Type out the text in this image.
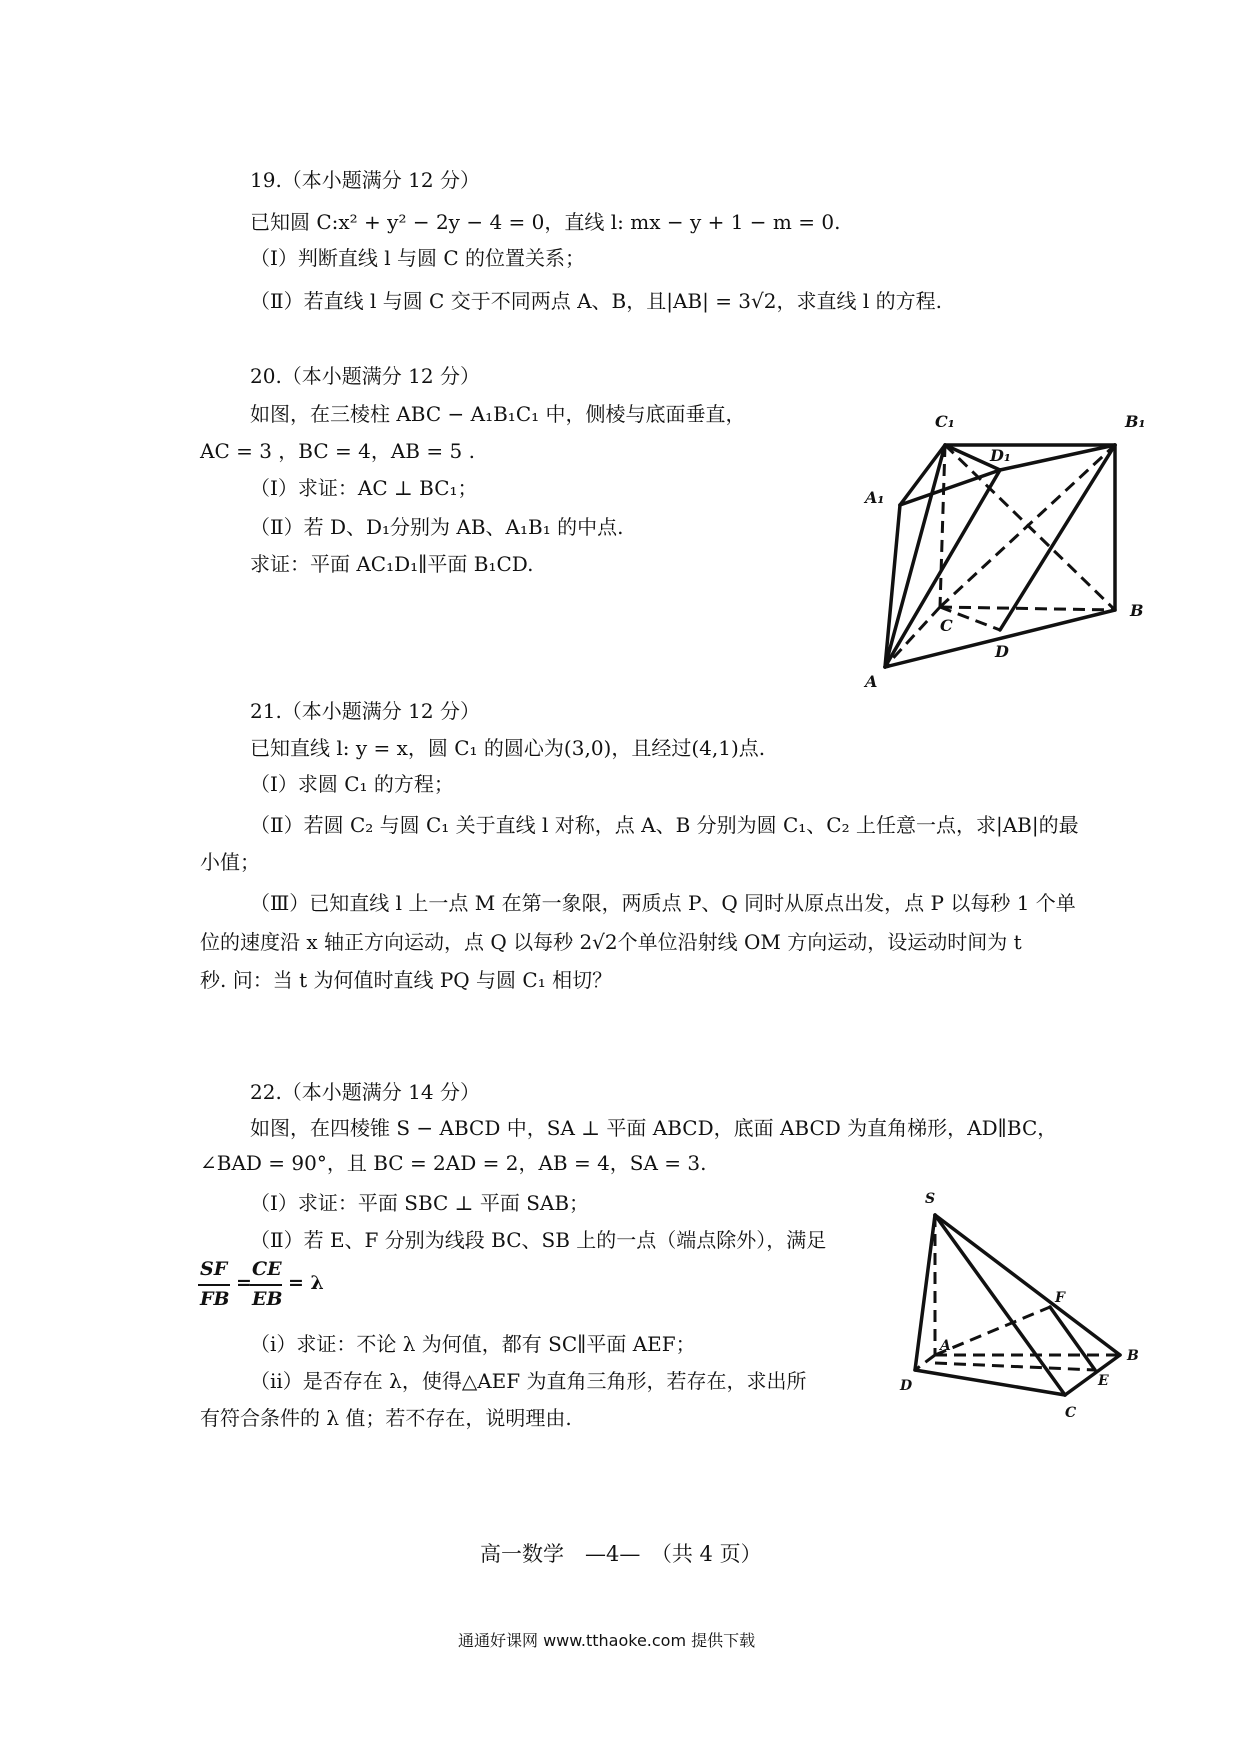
19.（本小题满分 12 分）
已知圆 C:x² + y² − 2y − 4 = 0，直线 l: mx − y + 1 − m = 0.
（Ⅰ）判断直线 l 与圆 C 的位置关系；
（Ⅱ）若直线 l 与圆 C 交于不同两点 A、B，且|AB| = 3√2，求直线 l 的方程.
20.（本小题满分 12 分）
如图，在三棱柱 ABC − A₁B₁C₁ 中，侧棱与底面垂直，
AC = 3 ，BC = 4，AB = 5 .
（Ⅰ）求证：AC ⊥ BC₁；
（Ⅱ）若 D、D₁分别为 AB、A₁B₁ 的中点.
求证：平面 AC₁D₁∥平面 B₁CD.
C₁	B₁
D₁
A₁
C
B
D
A
21.（本小题满分 12 分）
已知直线 l: y = x，圆 C₁ 的圆心为(3,0)，且经过(4,1)点.
（Ⅰ）求圆 C₁ 的方程；
（Ⅱ）若圆 C₂ 与圆 C₁ 关于直线 l 对称，点 A、B 分别为圆 C₁、C₂ 上任意一点，求|AB|的最
小值；
（Ⅲ）已知直线 l 上一点 M 在第一象限，两质点 P、Q 同时从原点出发，点 P 以每秒 1 个单
位的速度沿 x 轴正方向运动，点 Q 以每秒 2√2个单位沿射线 OM 方向运动，设运动时间为 t
秒. 问：当 t 为何值时直线 PQ 与圆 C₁ 相切？
22.（本小题满分 14 分）
如图，在四棱锥 S − ABCD 中，SA ⊥ 平面 ABCD，底面 ABCD 为直角梯形，AD∥BC，
∠BAD = 90°，且 BC = 2AD = 2，AB = 4，SA = 3.
（Ⅰ）求证：平面 SBC ⊥ 平面 SAB；
（Ⅱ）若 E、F 分别为线段 BC、SB 上的一点（端点除外），满足
SF
FB
=
CE
EB
= λ
（ⅰ）求证：不论 λ 为何值，都有 SC∥平面 AEF；
（ⅱ）是否存在 λ，使得△AEF 为直角三角形，若存在，求出所
有符合条件的 λ 值；若不存在，说明理由.
S
F
A
B
D	E
C
高一数学　—4—　（共 4 页）
通通好课网 www.tthaoke.com 提供下载
